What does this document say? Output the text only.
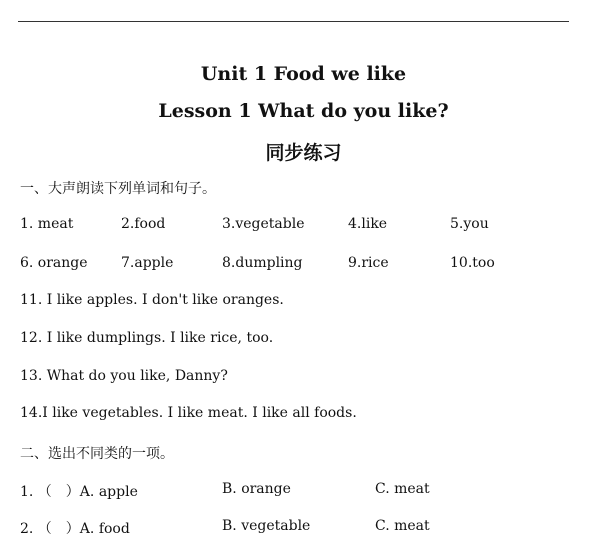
Unit 1 Food we like
Lesson 1 What do you like?
同步练习
一、大声朗读下列单词和句子。
1. meat	2.food	3.vegetable	4.like	5.you
6. orange 7.apple	8.dumpling	9.rice	10.too
11. I like apples. I don't like oranges.
12. I like dumplings. I like rice, too.
13. What do you like, Danny?
14.I like vegetables. I like meat. I like all foods.
二、选出不同类的一项。
1. （　）A. apple	B. orange	C. meat
2. （　）A. food	B. vegetable	C. meat
